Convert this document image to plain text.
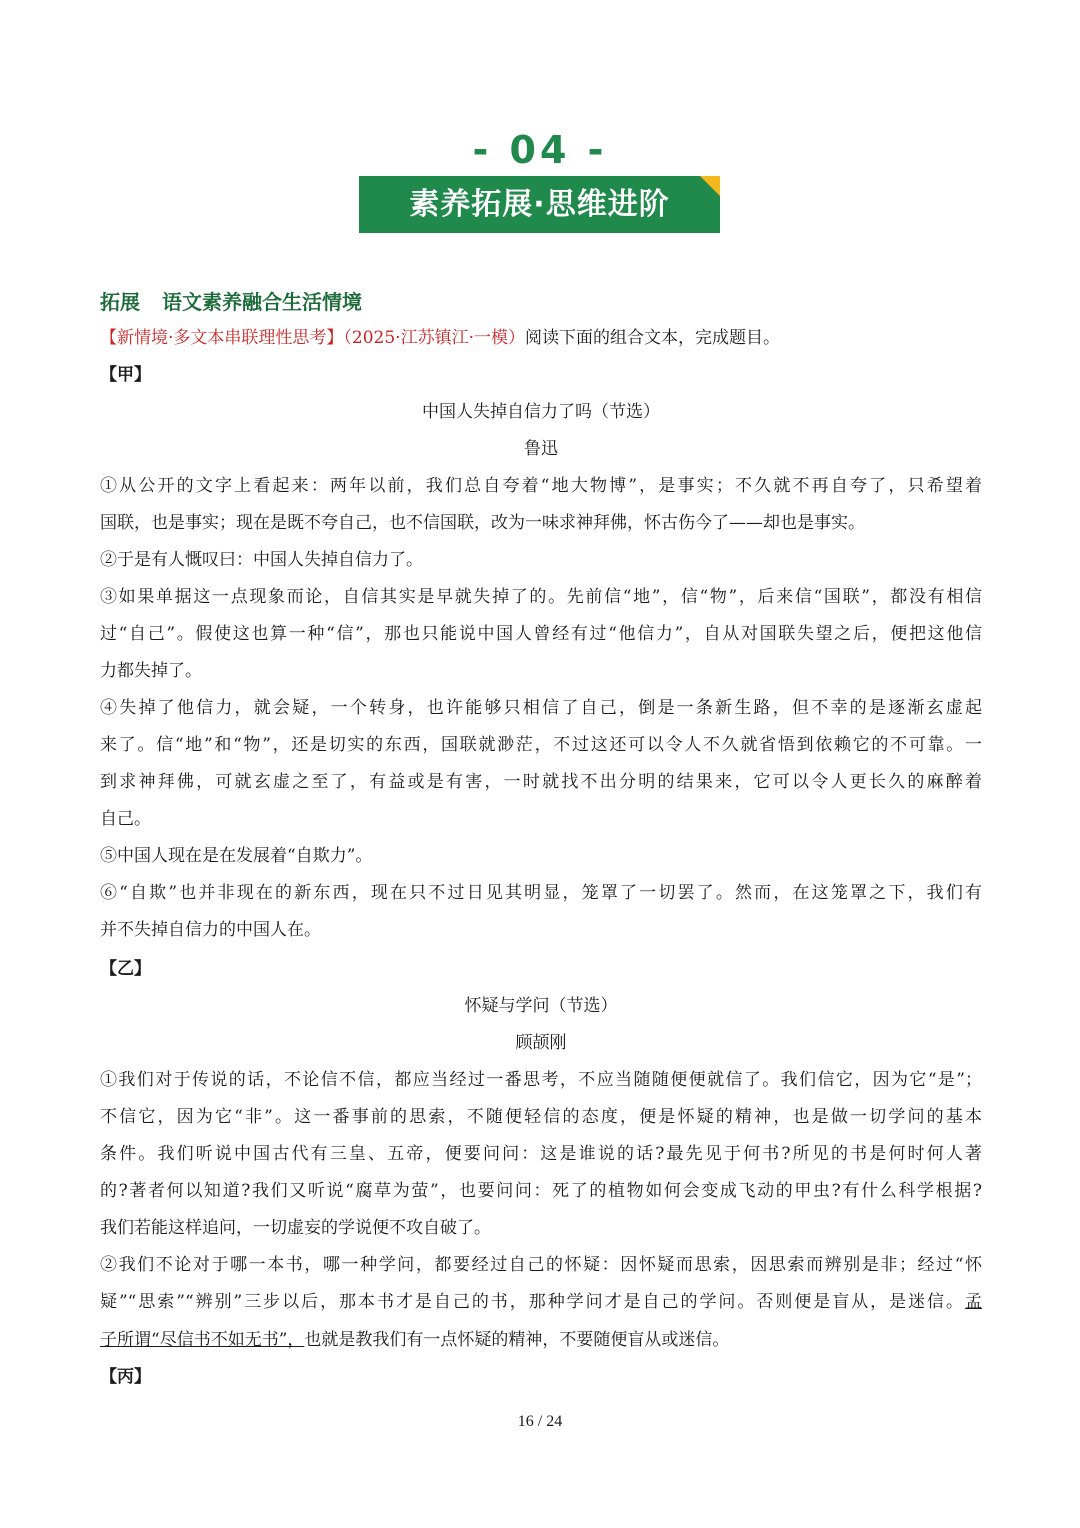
- 04 -
素养拓展·思维进阶
拓展 语文素养融合生活情境
【新情境·多文本串联理性思考】（2025·江苏镇江·一模）阅读下面的组合文本，完成题目。
【甲】
中国人失掉自信力了吗（节选）
鲁迅
①从公开的文字上看起来：两年以前，我们总自夸着“地大物博”，是事实；不久就不再自夸了，只希望着
国联，也是事实；现在是既不夸自己，也不信国联，改为一味求神拜佛，怀古伤今了——却也是事实。
②于是有人慨叹曰：中国人失掉自信力了。
③如果单据这一点现象而论，自信其实是早就失掉了的。先前信“地”，信“物”，后来信“国联”，都没有相信
过“自己”。假使这也算一种“信”，那也只能说中国人曾经有过“他信力”，自从对国联失望之后，便把这他信
力都失掉了。
④失掉了他信力，就会疑，一个转身，也许能够只相信了自己，倒是一条新生路，但不幸的是逐渐玄虚起
来了。信“地”和“物”，还是切实的东西，国联就渺茫，不过这还可以令人不久就省悟到依赖它的不可靠。一
到求神拜佛，可就玄虚之至了，有益或是有害，一时就找不出分明的结果来，它可以令人更长久的麻醉着
自己。
⑤中国人现在是在发展着“自欺力”。
⑥“自欺”也并非现在的新东西，现在只不过日见其明显，笼罩了一切罢了。然而，在这笼罩之下，我们有
并不失掉自信力的中国人在。
【乙】
怀疑与学问（节选）
顾颉刚
①我们对于传说的话，不论信不信，都应当经过一番思考，不应当随随便便就信了。我们信它，因为它“是”；
不信它，因为它“非”。这一番事前的思索，不随便轻信的态度，便是怀疑的精神，也是做一切学问的基本
条件。我们听说中国古代有三皇、五帝，便要问问：这是谁说的话?最先见于何书?所见的书是何时何人著
的?著者何以知道?我们又听说“腐草为萤”，也要问问：死了的植物如何会变成飞动的甲虫?有什么科学根据?
我们若能这样追问，一切虚妄的学说便不攻自破了。
②我们不论对于哪一本书，哪一种学问，都要经过自己的怀疑：因怀疑而思索，因思索而辨别是非；经过“怀
疑”“思索”“辨别”三步以后，那本书才是自己的书，那种学问才是自己的学问。否则便是盲从，是迷信。孟
子所谓“尽信书不如无书”，也就是教我们有一点怀疑的精神，不要随便盲从或迷信。
【丙】
16 / 24
